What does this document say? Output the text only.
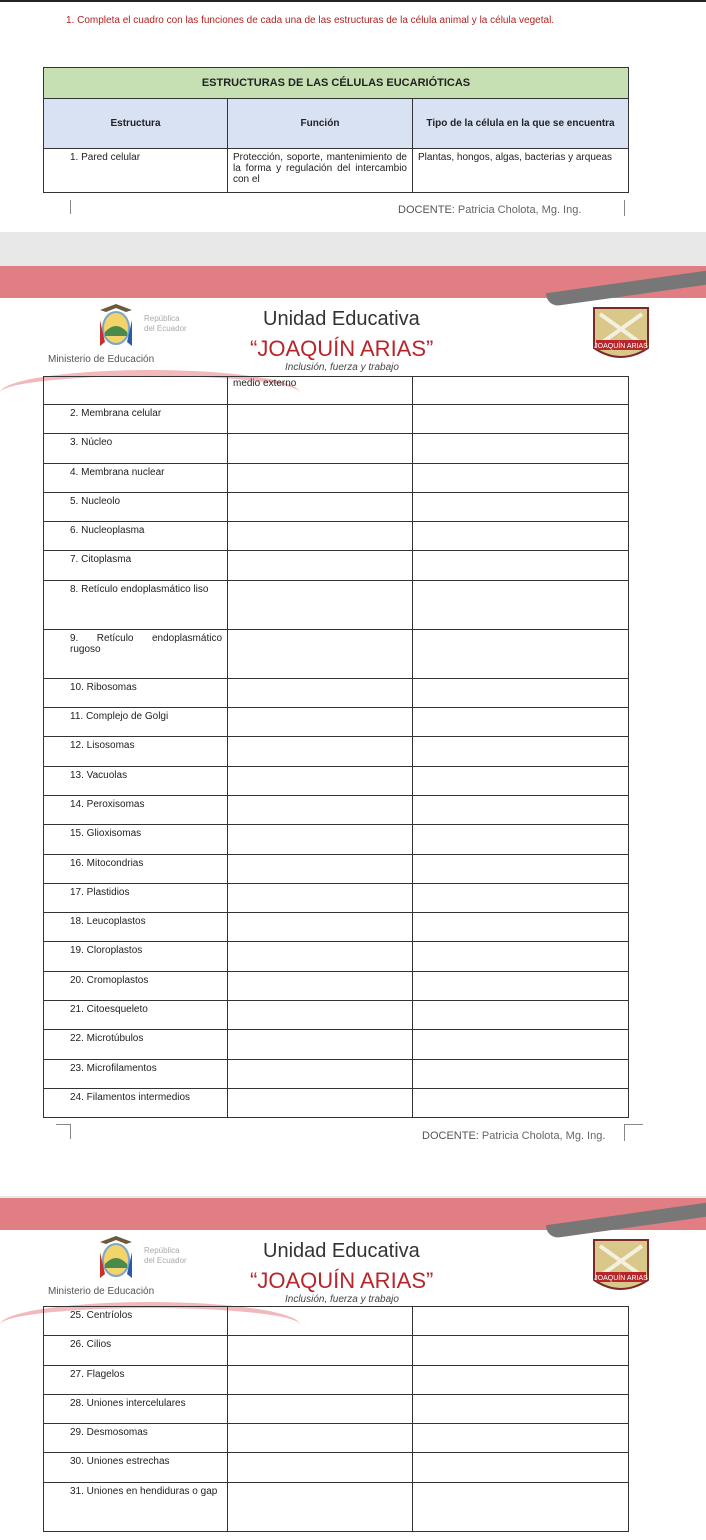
1. Completa el cuadro con las funciones de cada una de las estructuras de la célula animal y la célula vegetal.
ESTRUCTURAS DE LAS CÉLULAS EUCARIÓTICAS		
Estructura	Función	Tipo de la célula en la que se encuentra
1. Pared celular	Protección, soporte, mantenimiento de la forma y regulación del intercambio con el	Plantas, hongos, algas, bacterias y arqueas
DOCENTE: Patricia Cholota, Mg. Ing.
República
del Ecuador
Ministerio de Educación
Unidad Educativa
“JOAQUÍN ARIAS”
Inclusión, fuerza y trabajo
JOAQUÍN ARIAS
	medio externo	
2. Membrana celular		
3. Núcleo		
4. Membrana nuclear		
5. Nucleolo		
6. Nucleoplasma		
7. Citoplasma		
8. Retículo endoplasmático liso		
9. Retículo endoplasmático rugoso		
10. Ribosomas		
11. Complejo de Golgi		
12. Lisosomas		
13. Vacuolas		
14. Peroxisomas		
15. Glioxisomas		
16. Mitocondrias		
17. Plastidios		
18. Leucoplastos		
19. Cloroplastos		
20. Cromoplastos		
21. Citoesqueleto		
22. Microtúbulos		
23. Microfilamentos		
24. Filamentos intermedios		
DOCENTE: Patricia Cholota, Mg. Ing.
República
del Ecuador
Ministerio de Educación
Unidad Educativa
“JOAQUÍN ARIAS”
Inclusión, fuerza y trabajo
JOAQUÍN ARIAS
25. Centríolos		
26. Cilios		
27. Flagelos		
28. Uniones intercelulares		
29. Desmosomas		
30. Uniones estrechas		
31. Uniones en hendiduras o gap		
